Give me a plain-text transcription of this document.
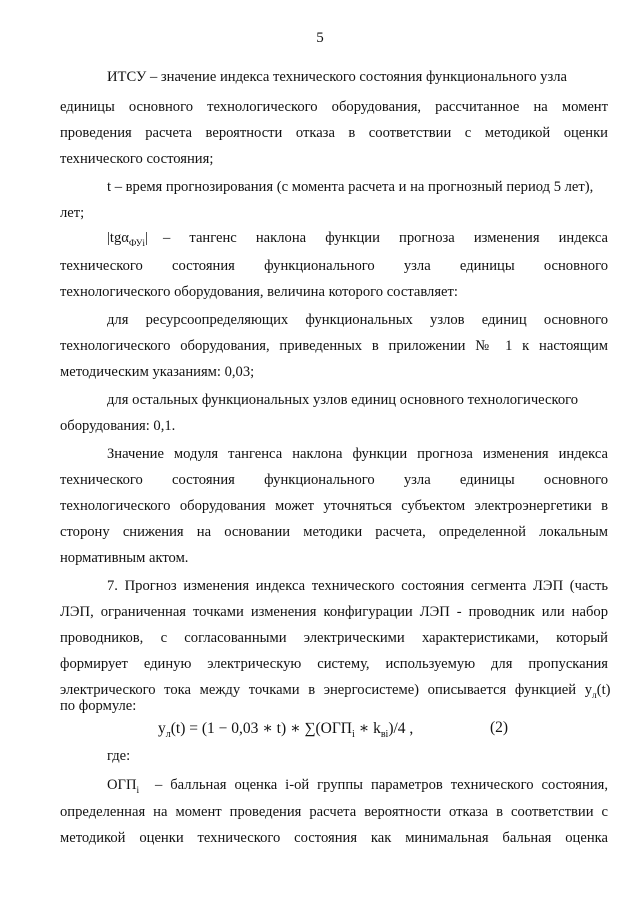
5
ИТСУ – значение индекса технического состояния функционального узла
единицы основного технологического оборудования, рассчитанное на момент
проведения расчета вероятности отказа в соответствии с методикой оценки
технического состояния;
t – время прогнозирования (с момента расчета и на прогнозный период 5 лет),
лет;
|tgα$_{ФУi}$| – тангенс наклона функции прогноза изменения индекса
технического состояния функционального узла единицы основного
технологического оборудования, величина которого составляет:
для ресурсоопределяющих функциональных узлов единиц основного
технологического оборудования, приведенных в приложении № 1 к настоящим
методическим указаниям: 0,03;
для остальных функциональных узлов единиц основного технологического
оборудования: 0,1.
Значение модуля тангенса наклона функции прогноза изменения индекса
технического состояния функционального узла единицы основного
технологического оборудования может уточняться субъектом электроэнергетики в
сторону снижения на основании методики расчета, определенной локальным
нормативным актом.
7. Прогноз изменения индекса технического состояния сегмента ЛЭП (часть
ЛЭП, ограниченная точками изменения конфигурации ЛЭП - проводник или набор
проводников, с согласованными электрическими характеристиками, который
формирует единую электрическую систему, используемую для пропускания
электрического тока между точками в энергосистеме) описывается функцией $у_л(t)$
по формуле:
$у_л(t) = (1 - 0,03$ ∗ t) ∗ $\sum(ОГП_i$ ∗ $k_{вi})/4$ ,	(2)
где:
$ОГП_i$ – балльная оценка i-ой группы параметров технического состояния,
определенная на момент проведения расчета вероятности отказа в соответствии с
методикой оценки технического состояния как минимальная бальная оценка
